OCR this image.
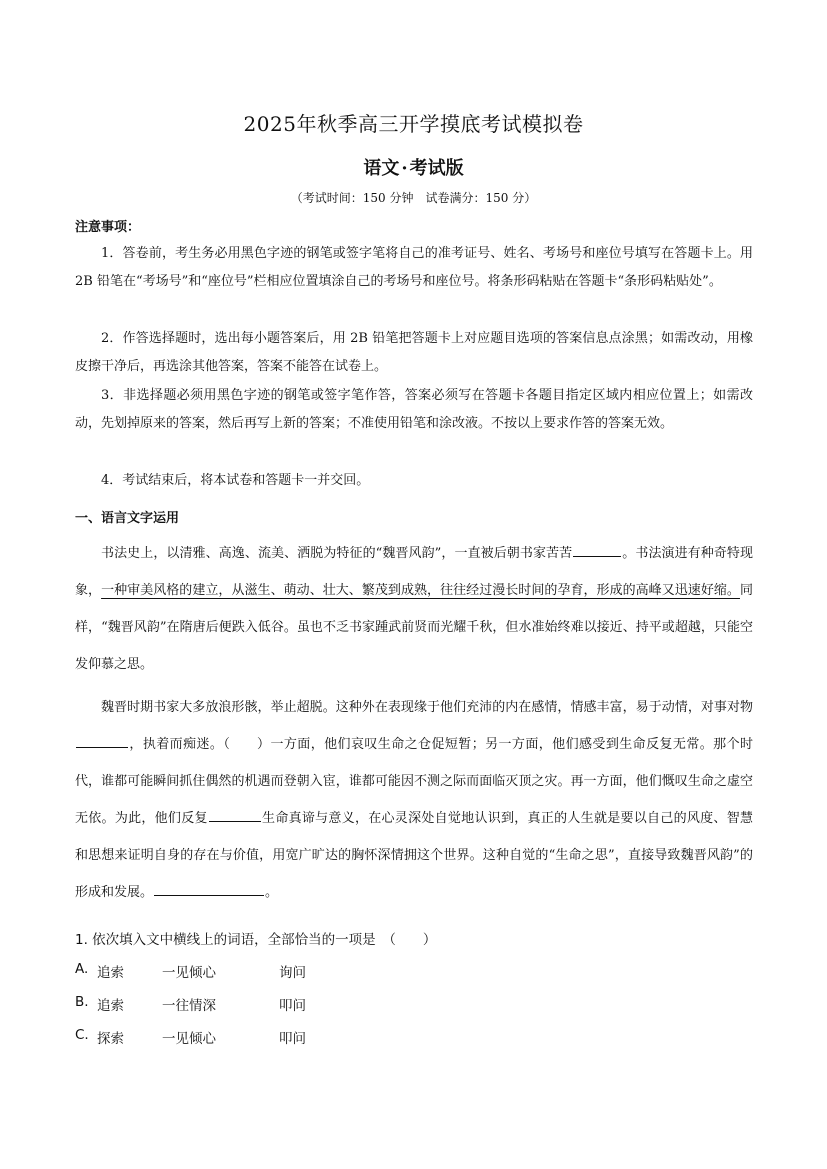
2025年秋季高三开学摸底考试模拟卷
语文 · 考试版
（考试时间：150 分钟　试卷满分：150 分）
注意事项：

1．答卷前，考生务必用黑色字迹的钢笔或签字笔将自己的准考证号、姓名、考场号和座位号填写在答题卡上。用 2B 铅笔在“考场号”和“座位号”栏相应位置填涂自己的考场号和座位号。将条形码粘贴在答题卡“条形码粘贴处”。

2．作答选择题时，选出每小题答案后，用 2B 铅笔把答题卡上对应题目选项的答案信息点涂黑；如需改动，用橡皮擦干净后，再选涂其他答案，答案不能答在试卷上。

3．非选择题必须用黑色字迹的钢笔或签字笔作答，答案必须写在答题卡各题目指定区域内相应位置上；如需改动，先划掉原来的答案，然后再写上新的答案；不准使用铅笔和涂改液。不按以上要求作答的答案无效。

4．考试结束后，将本试卷和答题卡一并交回。

一、语言文字运用

书法史上，以清雅、高逸、流美、洒脱为特征的“魏晋风韵”，一直被后朝书家苦苦	。书法演进有种奇特现象，一种审美风格的建立，从滋生、萌动、壮大、繁茂到成熟，往往经过漫长时间的孕育，形成的高峰又迅速好缩。同样，“魏晋风韵”在隋唐后便跌入低谷。虽也不乏书家踵武前贤而光耀千秋，但水准始终难以接近、持平或超越，只能空发仰慕之思。

魏晋时期书家大多放浪形骸，举止超脱。这种外在表现缘于他们充沛的内在感情，情感丰富，易于动情，对事对物，执着而痴迷。（　　）一方面，他们哀叹生命之仓促短暂；另一方面，他们感受到生命反复无常。那个时代，谁都可能瞬间抓住偶然的机遇而登朝入宦，谁都可能因不测之际而面临灭顶之灾。再一方面，他们慨叹生命之虚空无依。为此，他们反复	生命真谛与意义，在心灵深处自觉地认识到，真正的人生就是要以自己的风度、智慧和思想来证明自身的存在与价值，用宽广旷达的胸怀深情拥这个世界。这种自觉的“生命之思”，直接导致魏晋风韵”的形成和发展。	。

1. 依次填入文中横线上的词语，全部恰当的一项是　（　　）
A. 追索	一见倾心	询问
B. 追索	一往情深	叩问
C. 探索	一见倾心	叩问
